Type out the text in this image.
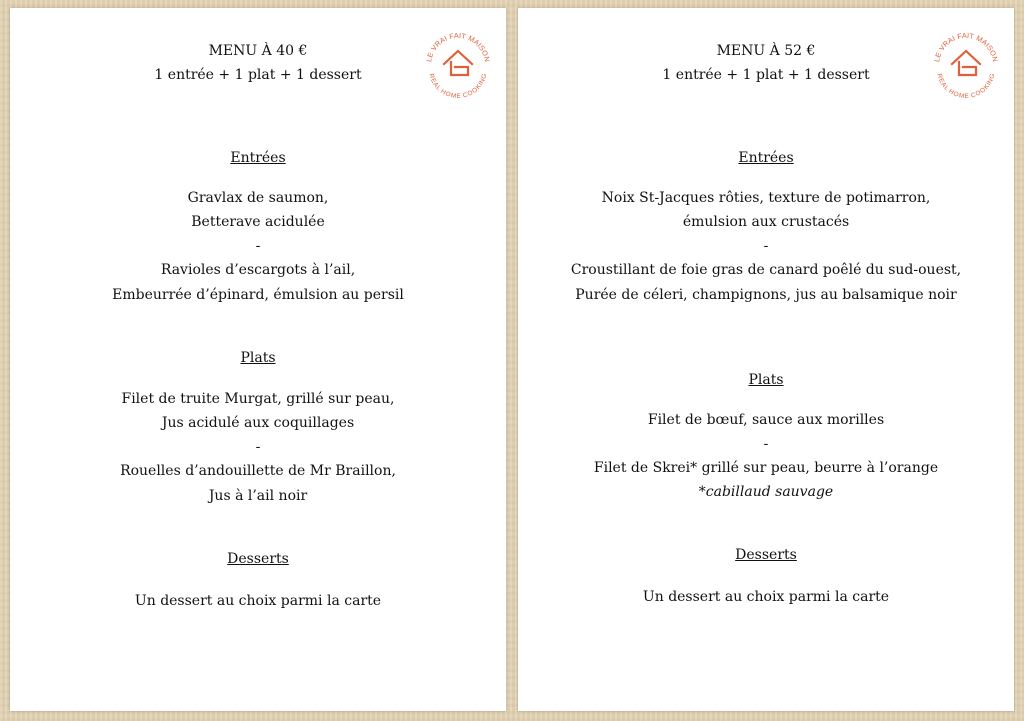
LE VRAI FAIT MAISON
REAL HOME COOKING

MENU À 40 €

1 entrée + 1 plat + 1 dessert

Entrées

Gravlax de saumon,

Betterave acidulée

-

Ravioles d’escargots à l’ail,

Embeurrée d’épinard, émulsion au persil

Plats

Filet de truite Murgat, grillé sur peau,

Jus acidulé aux coquillages

-

Rouelles d’andouillette de Mr Braillon,

Jus à l’ail noir

Desserts

Un dessert au choix parmi la carte

LE VRAI FAIT MAISON
REAL HOME COOKING

MENU À 52 €

1 entrée + 1 plat + 1 dessert

Entrées

Noix St-Jacques rôties, texture de potimarron,

émulsion aux crustacés

-

Croustillant de foie gras de canard poêlé du sud-ouest,

Purée de céleri, champignons, jus au balsamique noir

Plats

Filet de bœuf, sauce aux morilles

-

Filet de Skrei* grillé sur peau, beurre à l’orange

*cabillaud sauvage

Desserts

Un dessert au choix parmi la carte
